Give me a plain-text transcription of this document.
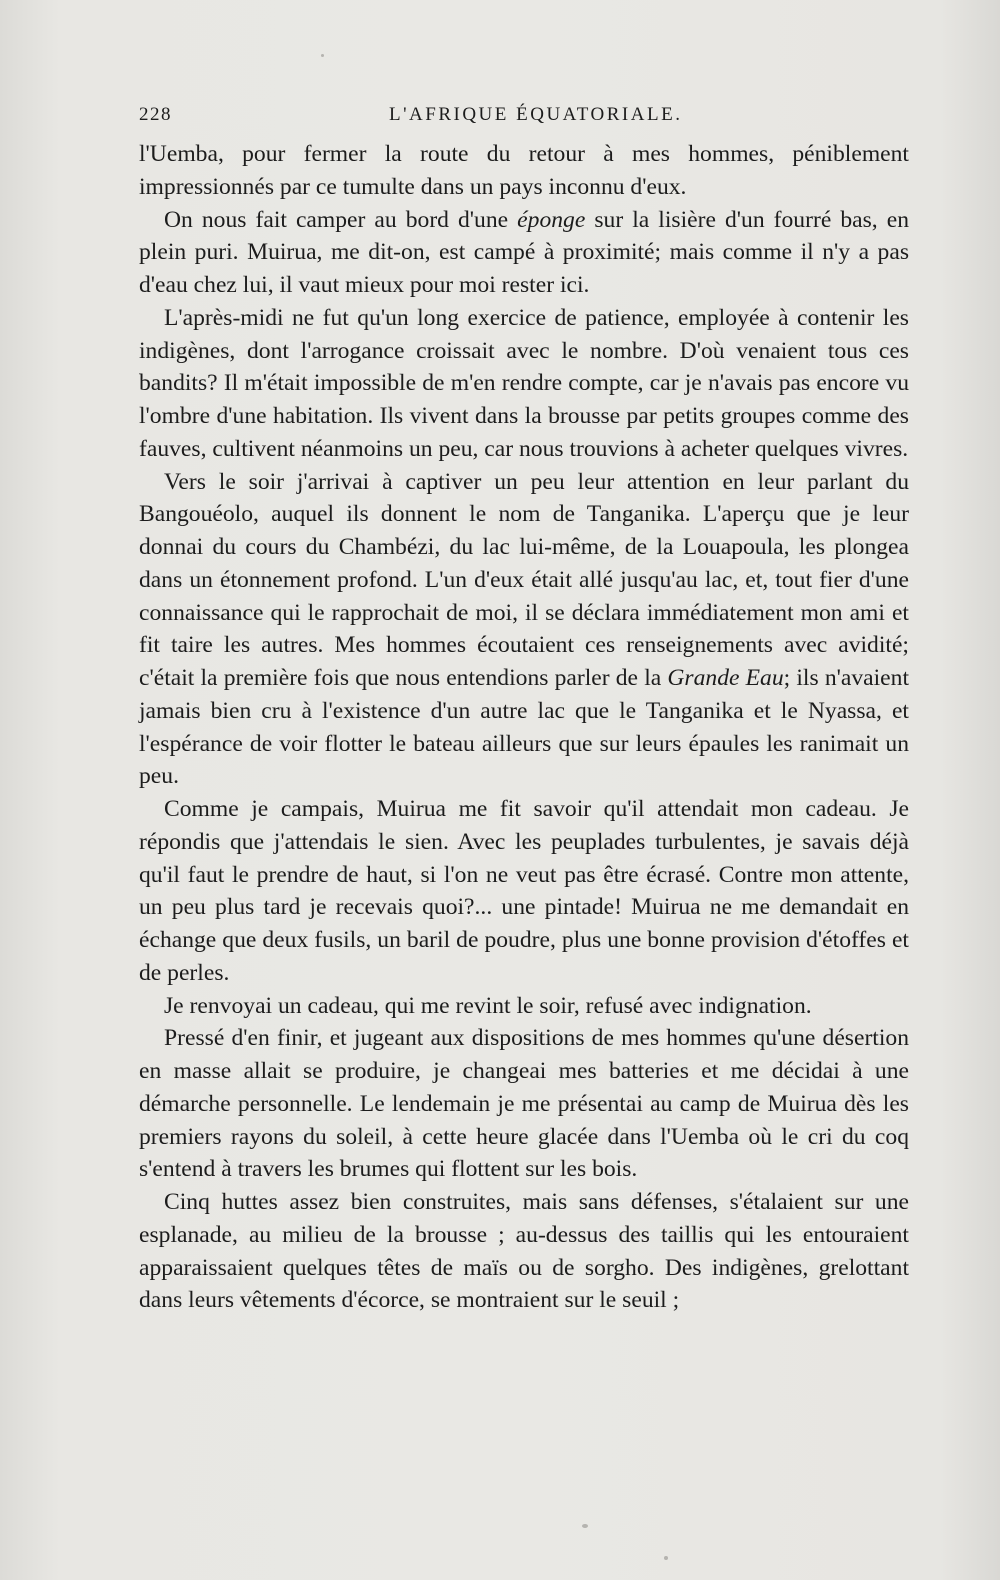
228	L'AFRIQUE ÉQUATORIALE.

l'Uemba, pour fermer la route du retour à mes hommes, péniblement impressionnés par ce tumulte dans un pays inconnu d'eux.

On nous fait camper au bord d'une éponge sur la lisière d'un fourré bas, en plein puri. Muirua, me dit-on, est campé à proximité; mais comme il n'y a pas d'eau chez lui, il vaut mieux pour moi rester ici.

L'après-midi ne fut qu'un long exercice de patience, employée à contenir les indigènes, dont l'arrogance croissait avec le nombre. D'où venaient tous ces bandits? Il m'était impossible de m'en rendre compte, car je n'avais pas encore vu l'ombre d'une habitation. Ils vivent dans la brousse par petits groupes comme des fauves, cultivent néanmoins un peu, car nous trouvions à acheter quelques vivres.

Vers le soir j'arrivai à captiver un peu leur attention en leur parlant du Bangouéolo, auquel ils donnent le nom de Tanganika. L'aperçu que je leur donnai du cours du Chambézi, du lac lui-même, de la Louapoula, les plongea dans un étonnement profond. L'un d'eux était allé jusqu'au lac, et, tout fier d'une connaissance qui le rapprochait de moi, il se déclara immédiatement mon ami et fit taire les autres. Mes hommes écoutaient ces renseignements avec avidité; c'était la première fois que nous entendions parler de la Grande Eau; ils n'avaient jamais bien cru à l'existence d'un autre lac que le Tanganika et le Nyassa, et l'espérance de voir flotter le bateau ailleurs que sur leurs épaules les ranimait un peu.

Comme je campais, Muirua me fit savoir qu'il attendait mon cadeau. Je répondis que j'attendais le sien. Avec les peuplades turbulentes, je savais déjà qu'il faut le prendre de haut, si l'on ne veut pas être écrasé. Contre mon attente, un peu plus tard je recevais quoi?... une pintade! Muirua ne me demandait en échange que deux fusils, un baril de poudre, plus une bonne provision d'étoffes et de perles.

Je renvoyai un cadeau, qui me revint le soir, refusé avec indignation.

Pressé d'en finir, et jugeant aux dispositions de mes hommes qu'une désertion en masse allait se produire, je changeai mes batteries et me décidai à une démarche personnelle. Le lendemain je me présentai au camp de Muirua dès les premiers rayons du soleil, à cette heure glacée dans l'Uemba où le cri du coq s'entend à travers les brumes qui flottent sur les bois.

Cinq huttes assez bien construites, mais sans défenses, s'étalaient sur une esplanade, au milieu de la brousse ; au-dessus des taillis qui les entouraient apparaissaient quelques têtes de maïs ou de sorgho. Des indigènes, grelottant dans leurs vêtements d'écorce, se montraient sur le seuil ;
